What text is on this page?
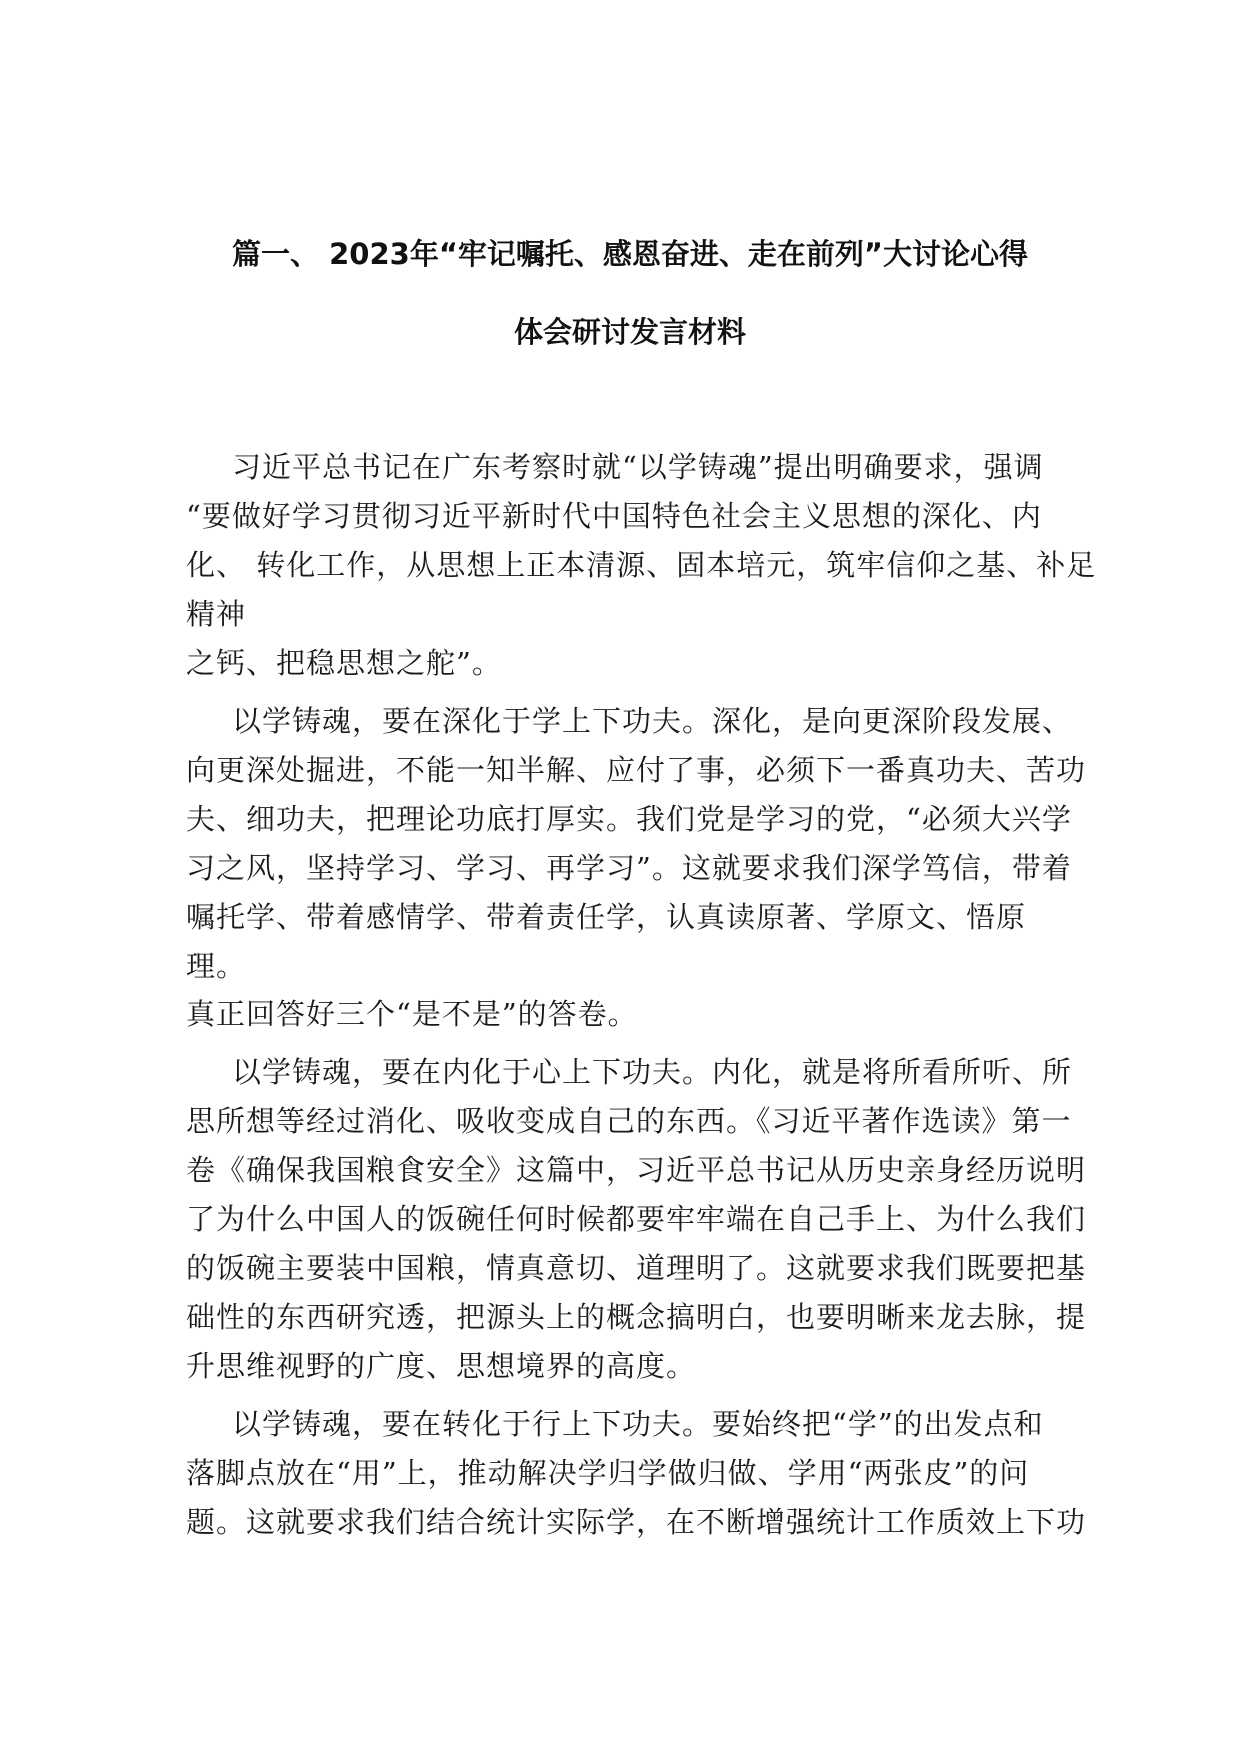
篇一、 2023年“牢记嘱托、感恩奋进、走在前列”大讨论心得
体会研讨发言材料
习近平总书记在广东考察时就“以学铸魂”提出明确要求，强调
“要做好学习贯彻习近平新时代中国特色社会主义思想的深化、内
化、 转化工作，从思想上正本清源、固本培元，筑牢信仰之基、补足
精神
之钙、把稳思想之舵”。
以学铸魂，要在深化于学上下功夫。深化，是向更深阶段发展、
向更深处掘进，不能一知半解、应付了事，必须下一番真功夫、苦功
夫、细功夫，把理论功底打厚实。我们党是学习的党，“必须大兴学
习之风，坚持学习、学习、再学习”。这就要求我们深学笃信，带着
嘱托学、带着感情学、带着责任学，认真读原著、学原文、悟原
理。
真正回答好三个“是不是”的答卷。
以学铸魂，要在内化于心上下功夫。内化，就是将所看所听、所
思所想等经过消化、吸收变成自己的东西。《习近平著作选读》第一
卷《确保我国粮食安全》这篇中，习近平总书记从历史亲身经历说明
了为什么中国人的饭碗任何时候都要牢牢端在自己手上、为什么我们
的饭碗主要装中国粮，情真意切、道理明了。这就要求我们既要把基
础性的东西研究透，把源头上的概念搞明白，也要明晰来龙去脉，提
升思维视野的广度、思想境界的高度。
以学铸魂，要在转化于行上下功夫。要始终把“学”的出发点和
落脚点放在“用”上，推动解决学归学做归做、学用“两张皮”的问
题。这就要求我们结合统计实际学，在不断增强统计工作质效上下功
